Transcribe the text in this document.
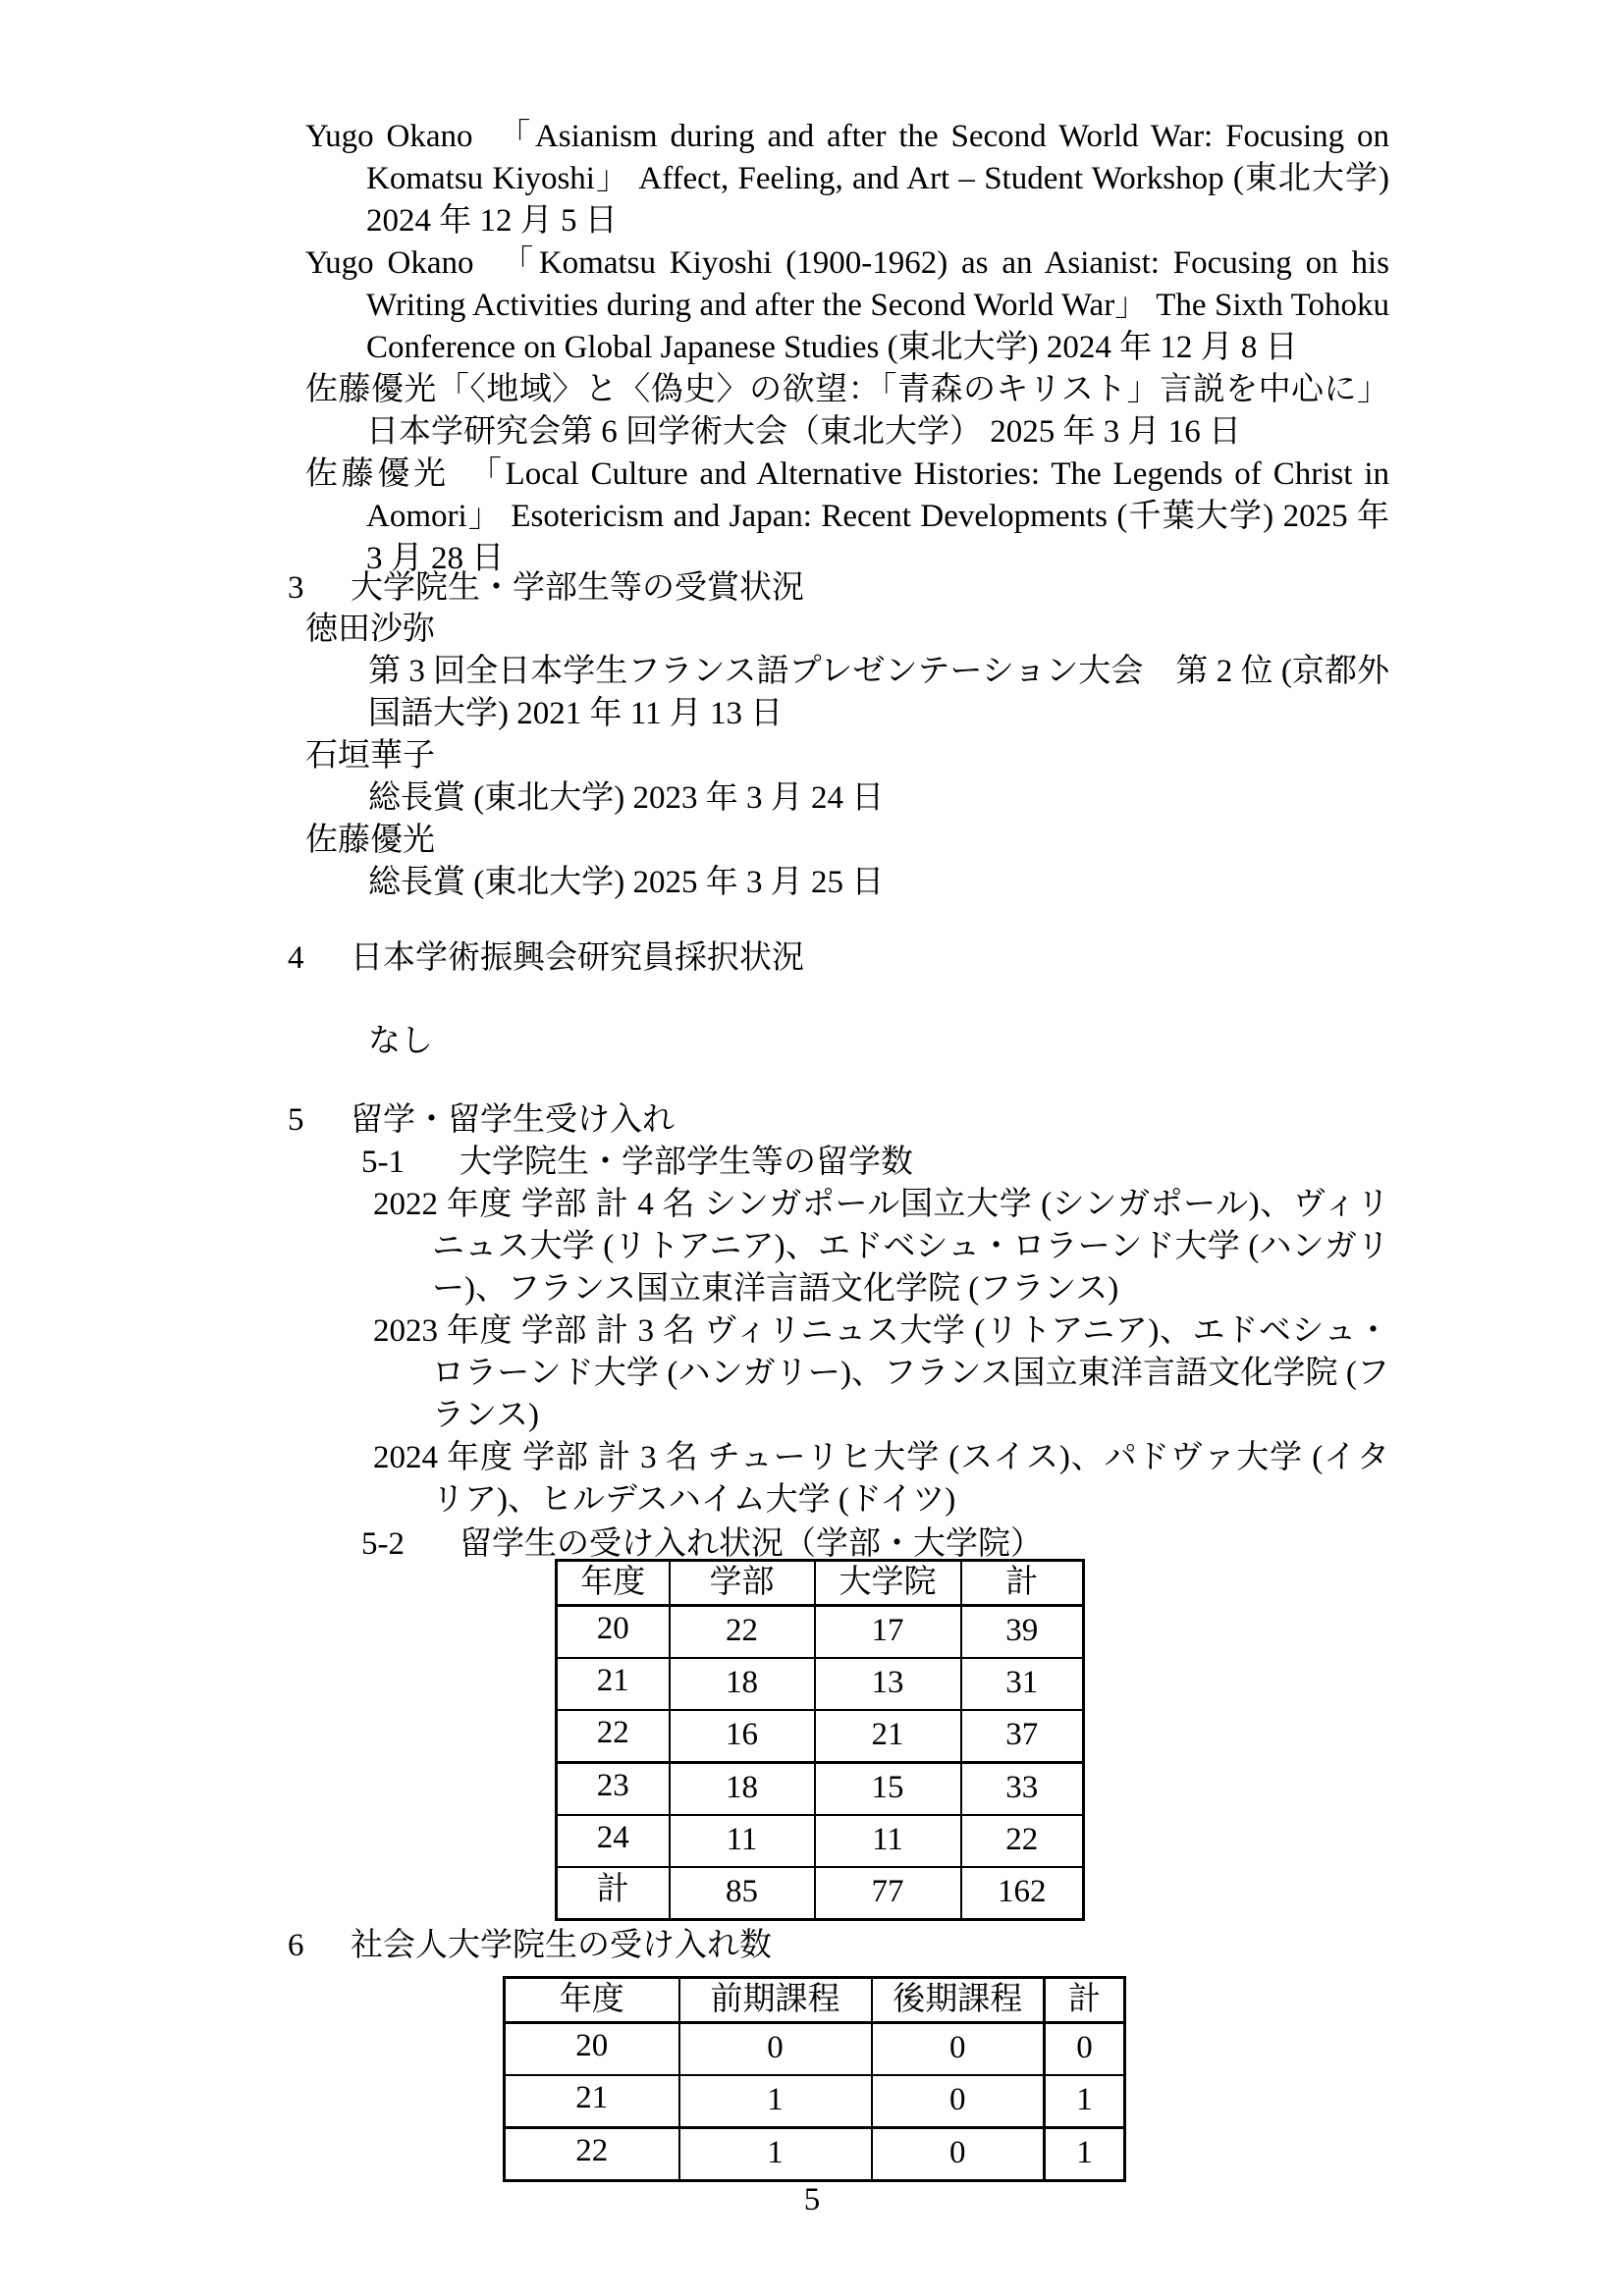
Yugo Okano　「Asianism during and after the Second World War: Focusing on Komatsu Kiyoshi」 Affect, Feeling, and Art – Student Workshop (東北大学) 2024 年 12 月 5 日
Yugo Okano　「Komatsu Kiyoshi (1900-1962) as an Asianist: Focusing on his Writing Activities during and after the Second World War」 The Sixth Tohoku Conference on Global Japanese Studies (東北大学) 2024 年 12 月 8 日
佐藤優光「〈地域〉と〈偽史〉の欲望：「青森のキリスト」言説を中心に」日本学研究会第 6 回学術大会（東北大学） 2025 年 3 月 16 日
佐藤優光　「Local Culture and Alternative Histories: The Legends of Christ in Aomori」 Esotericism and Japan: Recent Developments (千葉大学) 2025 年 3 月 28 日
3	大学院生・学部生等の受賞状況
徳田沙弥
第 3 回全日本学生フランス語プレゼンテーション大会　第 2 位 (京都外国語大学) 2021 年 11 月 13 日
石垣華子
総長賞 (東北大学) 2023 年 3 月 24 日
佐藤優光
総長賞 (東北大学) 2025 年 3 月 25 日
4	日本学術振興会研究員採択状況
なし
5	留学・留学生受け入れ
5-1	大学院生・学部学生等の留学数
2022 年度 学部 計 4 名 シンガポール国立大学 (シンガポール)、ヴィリニュス大学 (リトアニア)、エドベシュ・ロラーンド大学 (ハンガリー)、フランス国立東洋言語文化学院 (フランス)
2023 年度 学部 計 3 名 ヴィリニュス大学 (リトアニア)、エドベシュ・ロラーンド大学 (ハンガリー)、フランス国立東洋言語文化学院 (フランス)
2024 年度 学部 計 3 名 チューリヒ大学 (スイス)、パドヴァ大学 (イタリア)、ヒルデスハイム大学 (ドイツ)
5-2	留学生の受け入れ状況（学部・大学院）
年度	学部	大学院	計
20	22	17	39
21	18	13	31
22	16	21	37
23	18	15	33
24	11	11	22
計	85	77	162
6	社会人大学院生の受け入れ数
年度	前期課程	後期課程	計
20	0	0	0
21	1	0	1
22	1	0	1
5
